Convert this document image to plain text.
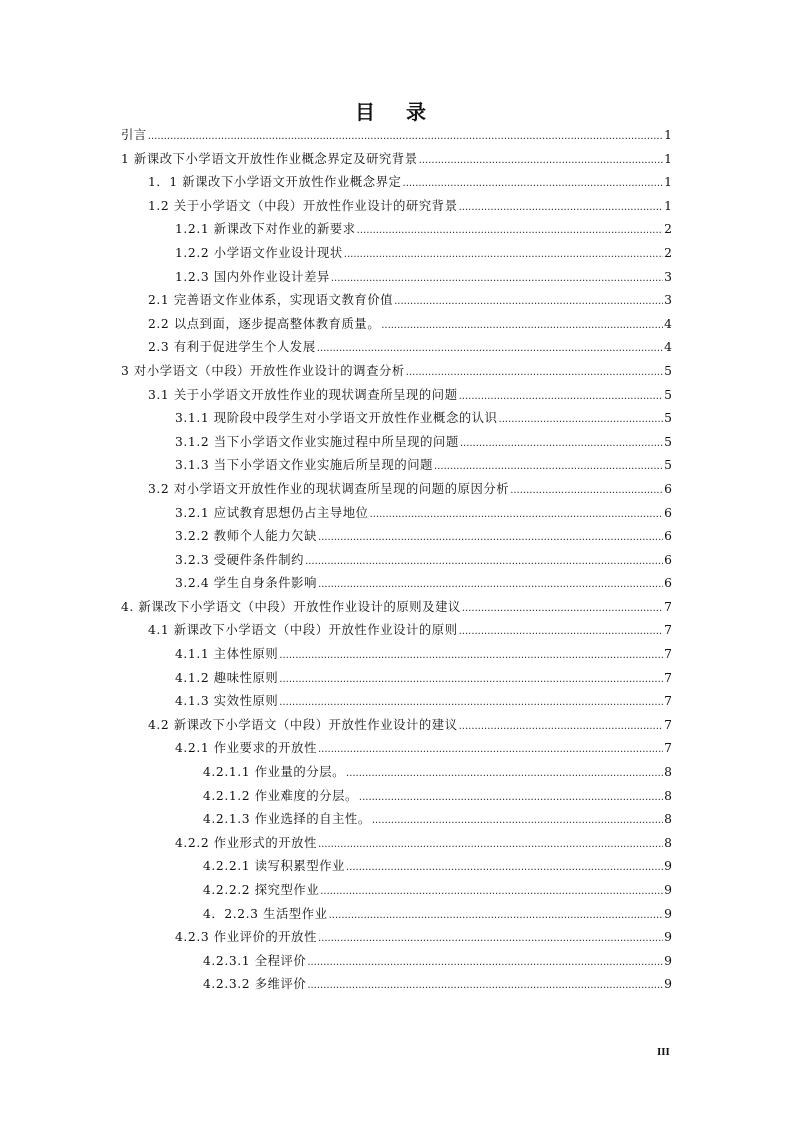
目 录
引言 .....	1
1 新课改下小学语文开放性作业概念界定及研究背景 .....	1
1．1 新课改下小学语文开放性作业概念界定 .....	1
1.2 关于小学语文（中段）开放性作业设计的研究背景 .....	1
1.2.1 新课改下对作业的新要求 .....	2
1.2.2 小学语文作业设计现状 .....	2
1.2.3 国内外作业设计差异 .....	3
2.1 完善语文作业体系，实现语文教育价值 .....	3
2.2 以点到面，逐步提高整体教育质量。 .....	4
2.3 有利于促进学生个人发展 .....	4
3 对小学语文（中段）开放性作业设计的调查分析 .....	5
3.1 关于小学语文开放性作业的现状调查所呈现的问题 .....	5
3.1.1 现阶段中段学生对小学语文开放性作业概念的认识 .....	5
3.1.2 当下小学语文作业实施过程中所呈现的问题 .....	5
3.1.3 当下小学语文作业实施后所呈现的问题 .....	5
3.2 对小学语文开放性作业的现状调查所呈现的问题的原因分析 .....	6
3.2.1 应试教育思想仍占主导地位 .....	6
3.2.2 教师个人能力欠缺 .....	6
3.2.3 受硬件条件制约 .....	6
3.2.4 学生自身条件影响 .....	6
4. 新课改下小学语文（中段）开放性作业设计的原则及建议 .....	7
4.1 新课改下小学语文（中段）开放性作业设计的原则 .....	7
4.1.1 主体性原则 .....	7
4.1.2 趣味性原则 .....	7
4.1.3 实效性原则 .....	7
4.2 新课改下小学语文（中段）开放性作业设计的建议 .....	7
4.2.1 作业要求的开放性 .....	7
4.2.1.1 作业量的分层。 .....	8
4.2.1.2 作业难度的分层。 .....	8
4.2.1.3 作业选择的自主性。 .....	8
4.2.2 作业形式的开放性 .....	8
4.2.2.1 读写积累型作业 .....	9
4.2.2.2 探究型作业 .....	9
4．2.2.3 生活型作业 .....	9
4.2.3 作业评价的开放性 .....	9
4.2.3.1 全程评价 .....	9
4.2.3.2 多维评价 .....	9
III
